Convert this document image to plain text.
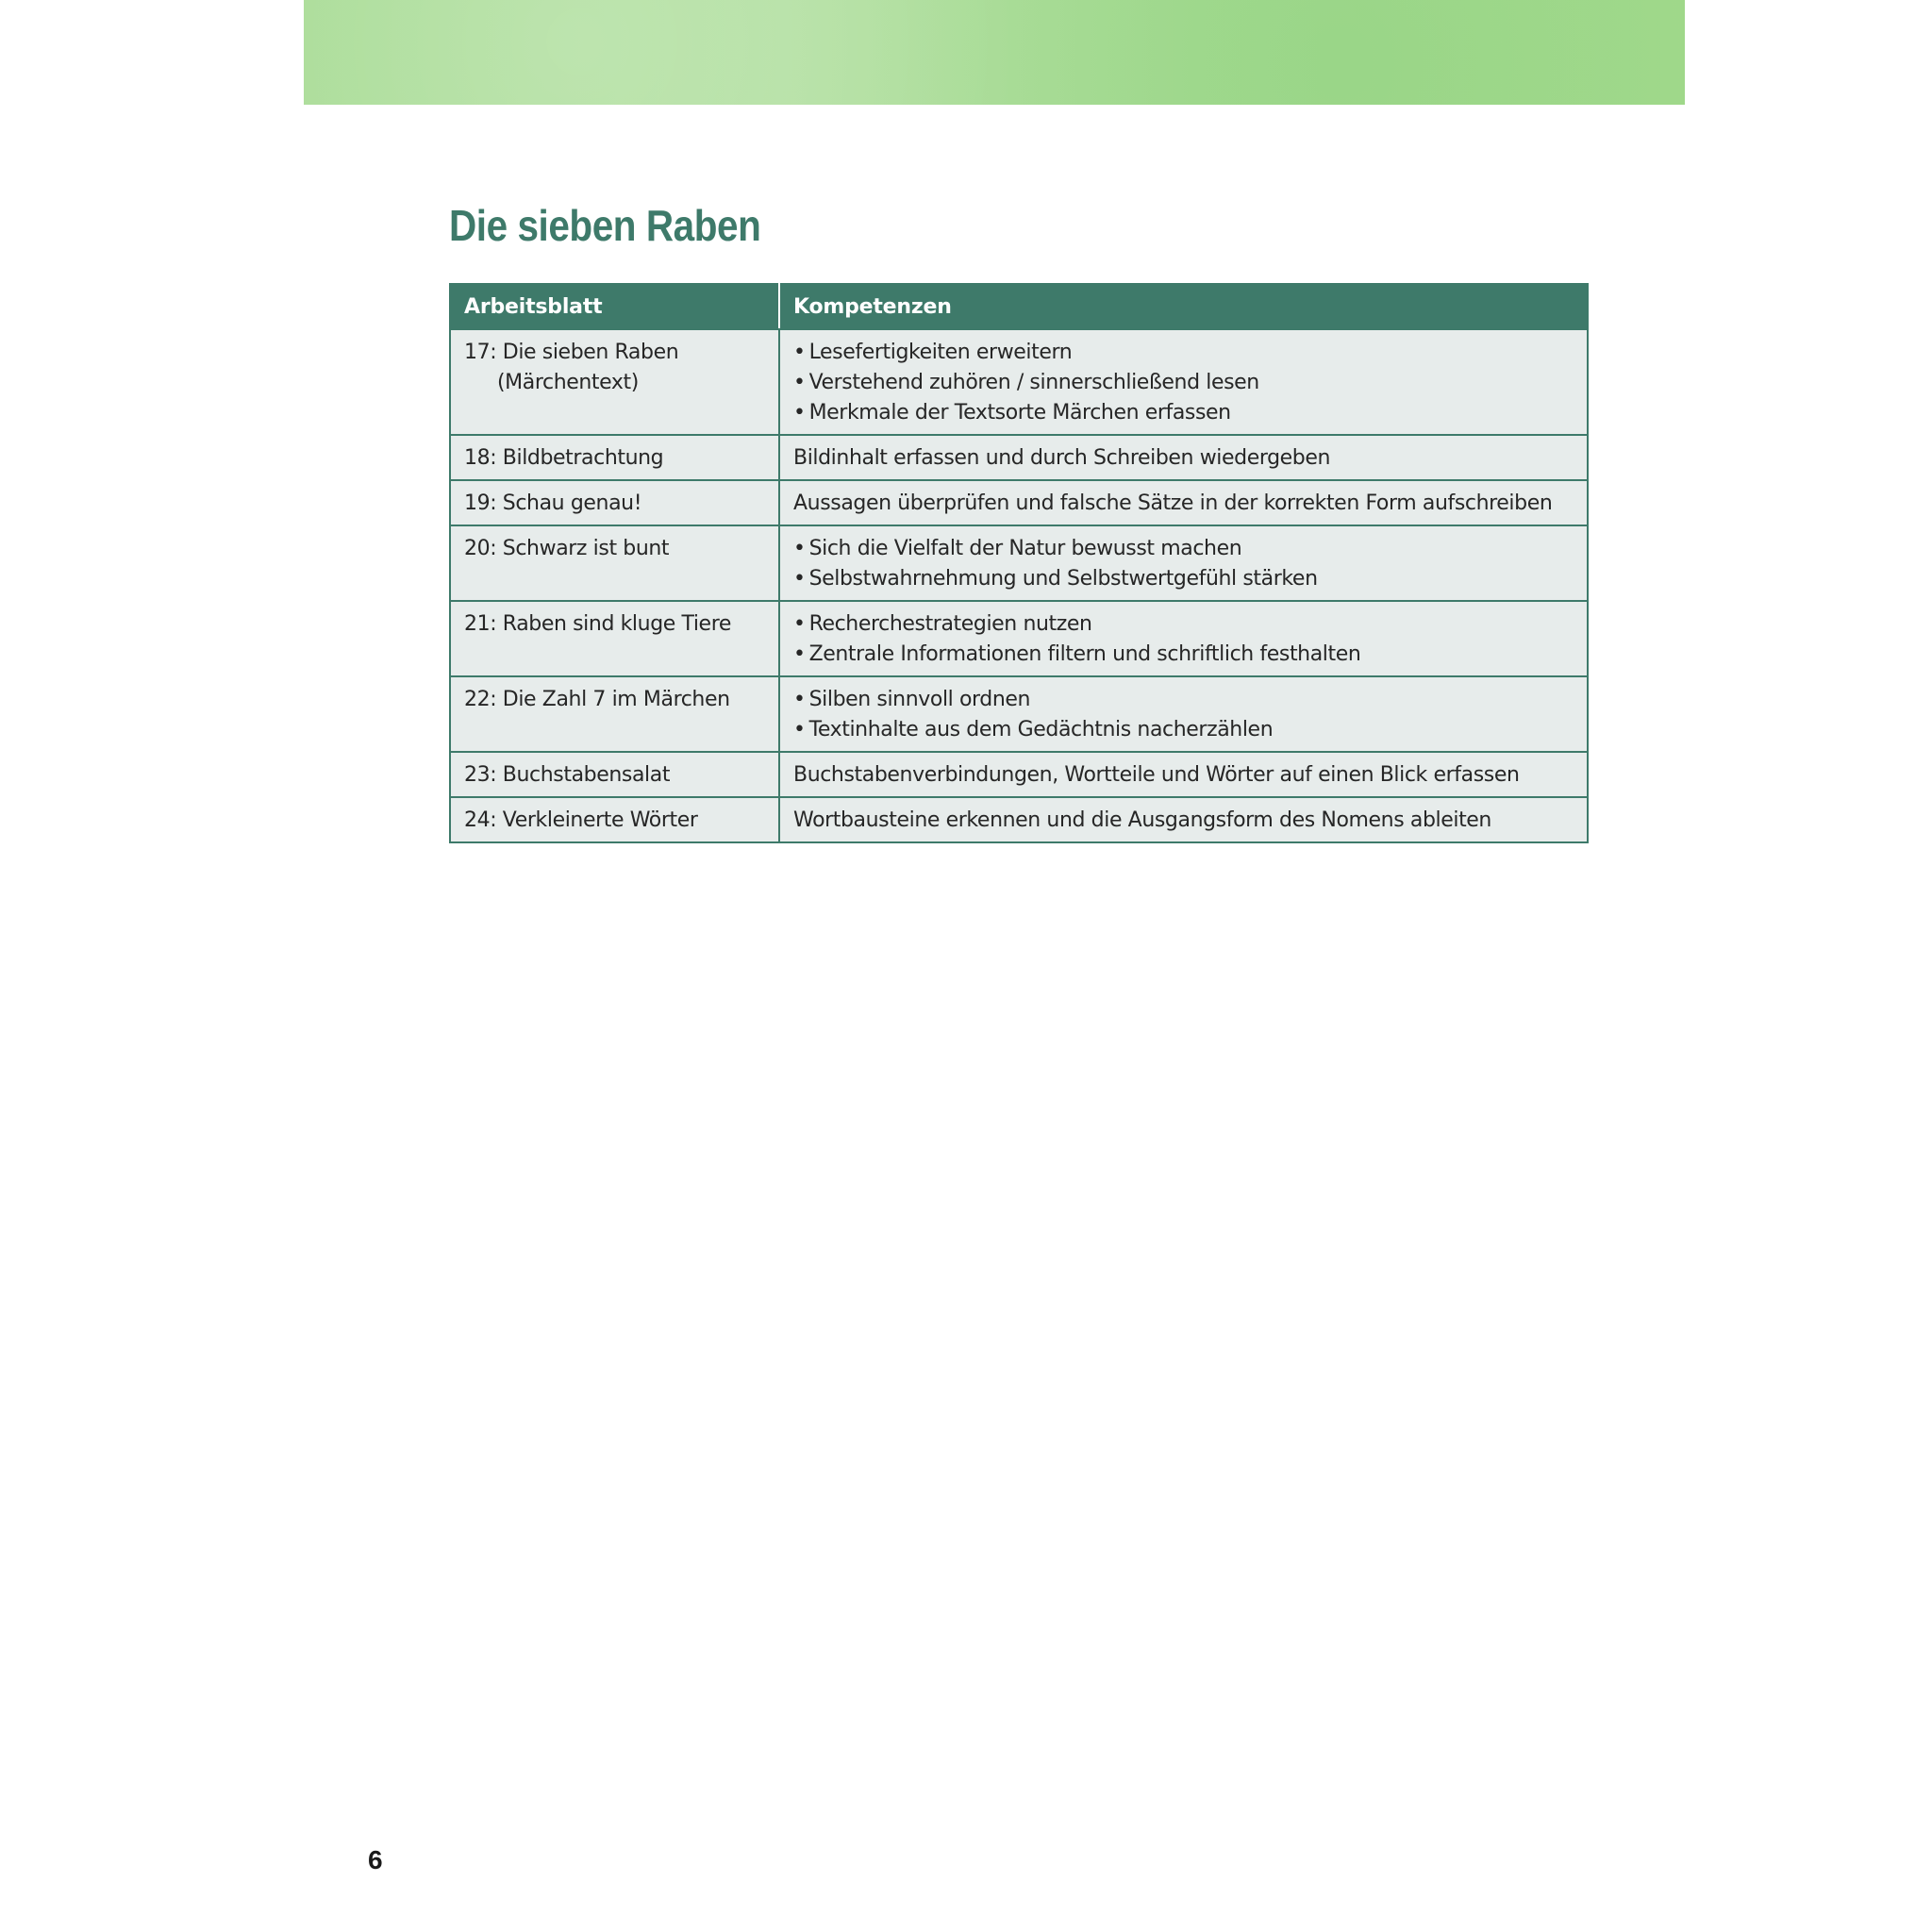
Die sieben Raben
Arbeitsblatt	Kompetenzen

17: Die sieben Raben
(Märchentext)	• Lesefertigkeiten erweitern
• Verstehend zuhören / sinnerschließend lesen
• Merkmale der Textsorte Märchen erfassen

18: Bildbetrachtung	Bildinhalt erfassen und durch Schreiben wiedergeben

19: Schau genau!	Aussagen überprüfen und falsche Sätze in der korrekten Form aufschreiben

20: Schwarz ist bunt	• Sich die Vielfalt der Natur bewusst machen
• Selbstwahrnehmung und Selbstwertgefühl stärken

21: Raben sind kluge Tiere	• Recherchestrategien nutzen
• Zentrale Informationen filtern und schriftlich festhalten

22: Die Zahl 7 im Märchen	• Silben sinnvoll ordnen
• Textinhalte aus dem Gedächtnis nacherzählen

23: Buchstabensalat	Buchstabenverbindungen, Wortteile und Wörter auf einen Blick erfassen

24: Verkleinerte Wörter	Wortbausteine erkennen und die Ausgangsform des Nomens ableiten
6
